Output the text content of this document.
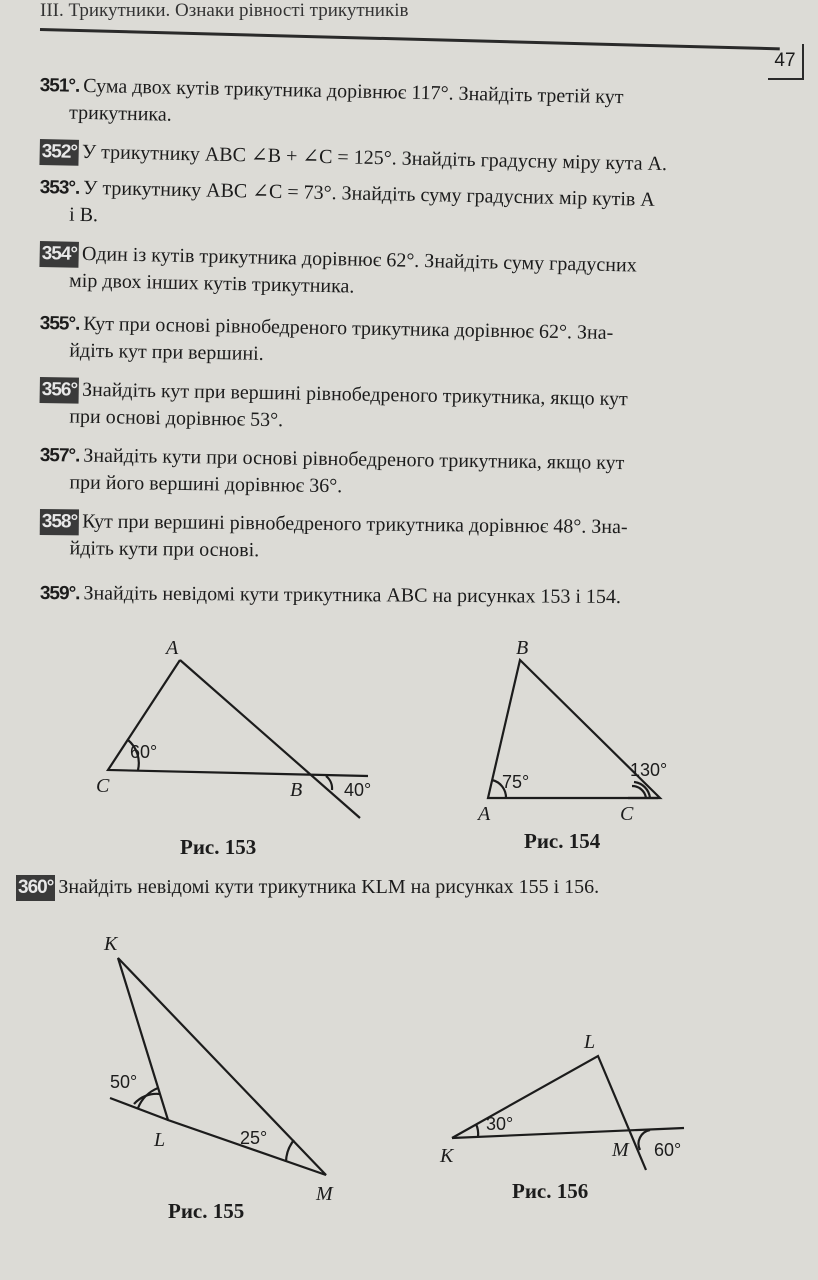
ІІІ. Трикутники. Ознаки рівності трикутників
47
351°. Сума двох кутів трикутника дорівнює 117°. Знайдіть третій кут
трикутника.
352° У трикутнику ABC ∠B + ∠C = 125°. Знайдіть градусну міру кута A.
353°. У трикутнику ABC ∠C = 73°. Знайдіть суму градусних мір кутів A
і B.
354° Один із кутів трикутника дорівнює 62°. Знайдіть суму градусних
мір двох інших кутів трикутника.
355°. Кут при основі рівнобедреного трикутника дорівнює 62°. Зна-
йдіть кут при вершині.
356° Знайдіть кут при вершині рівнобедреного трикутника, якщо кут
при основі дорівнює 53°.
357°. Знайдіть кути при основі рівнобедреного трикутника, якщо кут
при його вершині дорівнює 36°.
358° Кут при вершині рівнобедреного трикутника дорівнює 48°. Зна-
йдіть кути при основі.
359°. Знайдіть невідомі кути трикутника ABC на рисунках 153 і 154.
360° Знайдіть невідомі кути трикутника KLM на рисунках 155 і 156.
A
C	B
60°
40°
Рис. 153
B
A	C
75°
130°
Рис. 154
K
L
M
50°
25°
Рис. 155
L
K	M
30°
60°
Рис. 156
